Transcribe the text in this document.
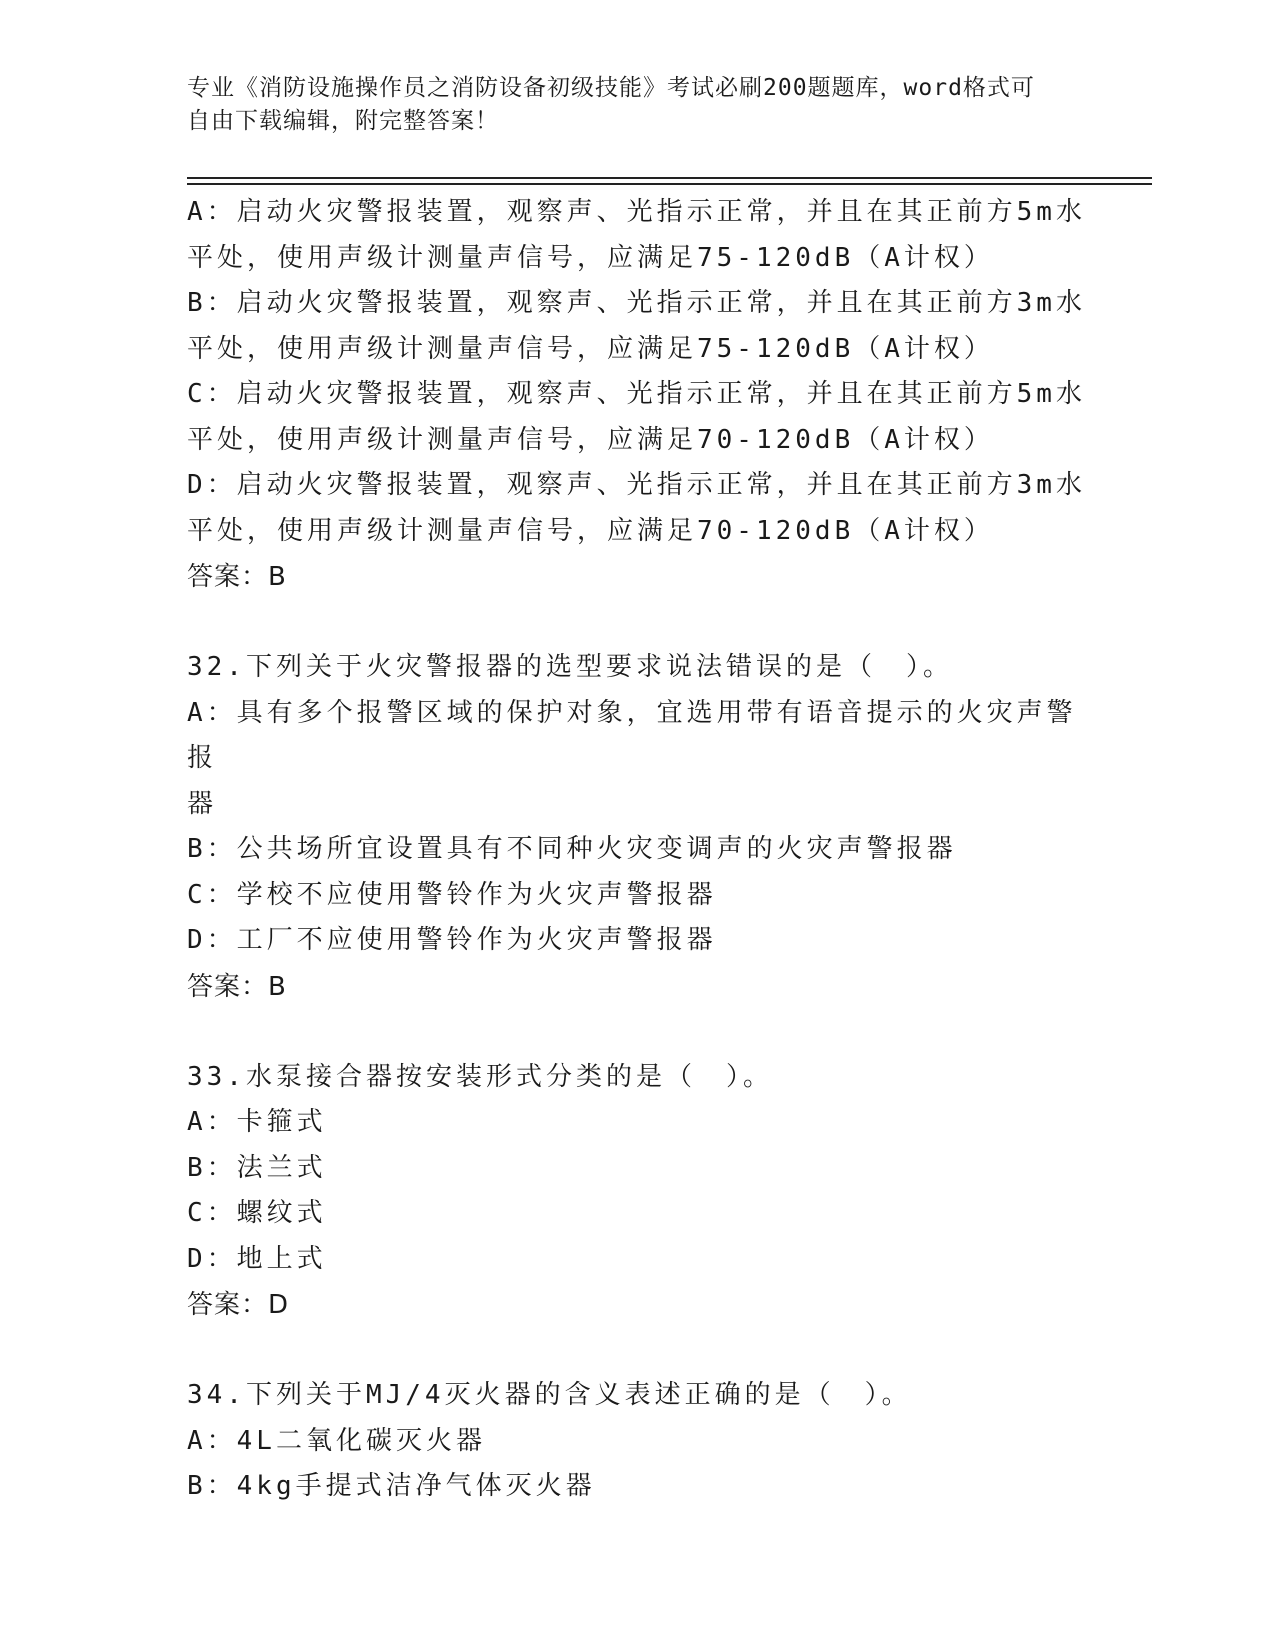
专业《消防设施操作员之消防设备初级技能》考试必刷200题题库，word格式可
自由下载编辑，附完整答案！
A：启动火灾警报装置，观察声、光指示正常，并且在其正前方5m水
平处，使用声级计测量声信号，应满足75-120dB（A计权）
B：启动火灾警报装置，观察声、光指示正常，并且在其正前方3m水
平处，使用声级计测量声信号，应满足75-120dB（A计权）
C：启动火灾警报装置，观察声、光指示正常，并且在其正前方5m水
平处，使用声级计测量声信号，应满足70-120dB（A计权）
D：启动火灾警报装置，观察声、光指示正常，并且在其正前方3m水
平处，使用声级计测量声信号，应满足70-120dB（A计权）
答案：B
32.下列关于火灾警报器的选型要求说法错误的是（　）。
A：具有多个报警区域的保护对象，宜选用带有语音提示的火灾声警报
器
B：公共场所宜设置具有不同种火灾变调声的火灾声警报器
C：学校不应使用警铃作为火灾声警报器
D：工厂不应使用警铃作为火灾声警报器
答案：B
33.水泵接合器按安装形式分类的是（　）。
A：卡箍式
B：法兰式
C：螺纹式
D：地上式
答案：D
34.下列关于MJ/4灭火器的含义表述正确的是（　）。
A：4L二氧化碳灭火器
B：4kg手提式洁净气体灭火器
